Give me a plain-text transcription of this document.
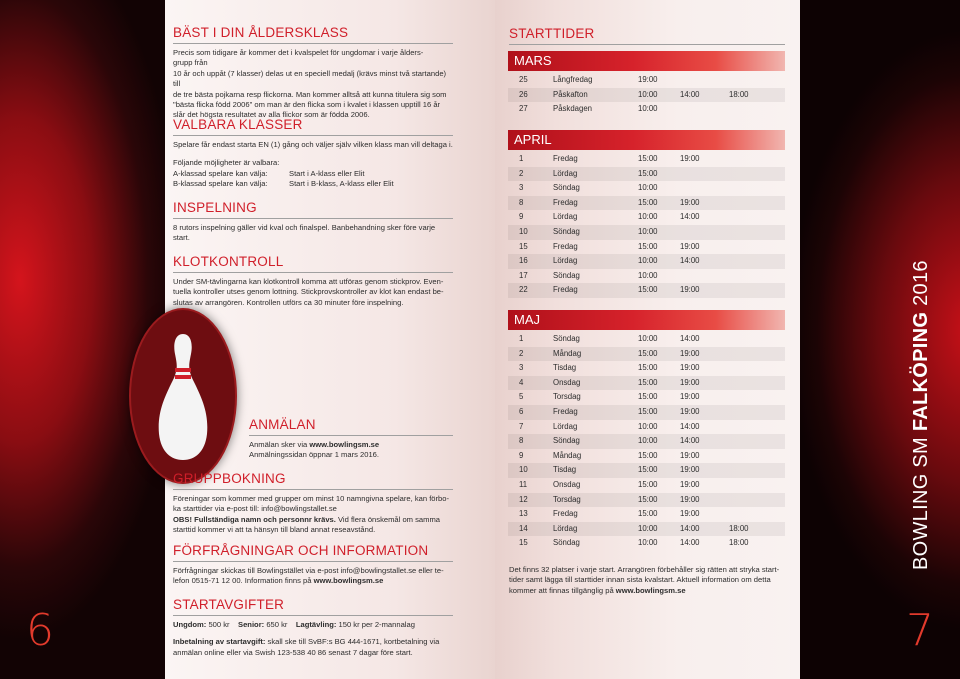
6	7
BOWLING SM FALKÖPING 2016
BÄST I DIN ÅLDERSKLASS
Precis som tidigare år kommer det i kvalspelet för ungdomar i varje ålders-
grupp från
10 år och uppåt (7 klasser) delas ut en speciell medalj (krävs minst två startande) till
de tre bästa pojkarna resp flickorna. Man kommer alltså att kunna titulera sig som
"bästa flicka född 2006" om man är den flicka som i kvalet i klassen upptill 16 år
slår det högsta resultatet av alla flickor som är födda 2006.
VALBARA KLASSER
Spelare får endast starta EN (1) gång och väljer själv vilken klass man vill deltaga i.
Följande möjligheter är valbara:
A-klassad spelare kan välja:	Start i A-klass eller Elit
B-klassad spelare kan välja:	Start i B-klass, A-klass eller Elit
INSPELNING
8 rutors inspelning gäller vid kval och finalspel. Banbehandning sker före varje
start.
KLOTKONTROLL
Under SM-tävlingarna kan klotkontroll komma att utföras genom stickprov. Even-
tuella kontroller utses genom lottning. Stickprovskontroller av klot kan endast be-
slutas av arrangören. Kontrollen utförs ca 30 minuter före inspelning.
ANMÄLAN
Anmälan sker via www.bowlingsm.se
Anmälningssidan öppnar 1 mars 2016.
GRUPPBOKNING
Föreningar som kommer med grupper om minst 10 namngivna spelare, kan förbo-
ka starttider via e-post till: info@bowlingstallet.se
OBS! Fullständiga namn och personnr krävs. Vid flera önskemål om samma
starttid kommer vi att ta hänsyn till bland annat reseavstånd.
FÖRFRÅGNINGAR OCH INFORMATION
Förfrågningar skickas till Bowlingstället via e-post info@bowlingstallet.se eller te-
lefon 0515-71 12 00. Information finns på www.bowlingsm.se
STARTAVGIFTER
Ungdom: 500 kr Senior: 650 kr Lagtävling: 150 kr per 2-mannalag
Inbetalning av startavgift: skall ske till SvBF:s BG 444-1671, kortbetalning via
anmälan online eller via Swish 123-538 40 86 senast 7 dagar före start.
STARTTIDER
MARS
25	Långfredag	19:00
26	Påskafton	10:00	14:00	18:00
27	Påskdagen	10:00
APRIL
1	Fredag	15:00	19:00
2	Lördag	15:00
3	Söndag	10:00
8	Fredag	15:00	19:00
9	Lördag	10:00	14:00
10	Söndag	10:00
15	Fredag	15:00	19:00
16	Lördag	10:00	14:00
17	Söndag	10:00
22	Fredag	15:00	19:00
MAJ
1	Söndag	10:00	14:00
2	Måndag	15:00	19:00
3	Tisdag	15:00	19:00
4	Onsdag	15:00	19:00
5	Torsdag	15:00	19:00
6	Fredag	15:00	19:00
7	Lördag	10:00	14:00
8	Söndag	10:00	14:00
9	Måndag	15:00	19:00
10	Tisdag	15:00	19:00
11	Onsdag	15:00	19:00
12	Torsdag	15:00	19:00
13	Fredag	15:00	19:00
14	Lördag	10:00	14:00	18:00
15	Söndag	10:00	14:00	18:00
Det finns 32 platser i varje start. Arrangören förbehåller sig rätten att stryka start-
tider samt lägga till starttider innan sista kvalstart. Aktuell information om detta
kommer att finnas tillgänglig på www.bowlingsm.se
